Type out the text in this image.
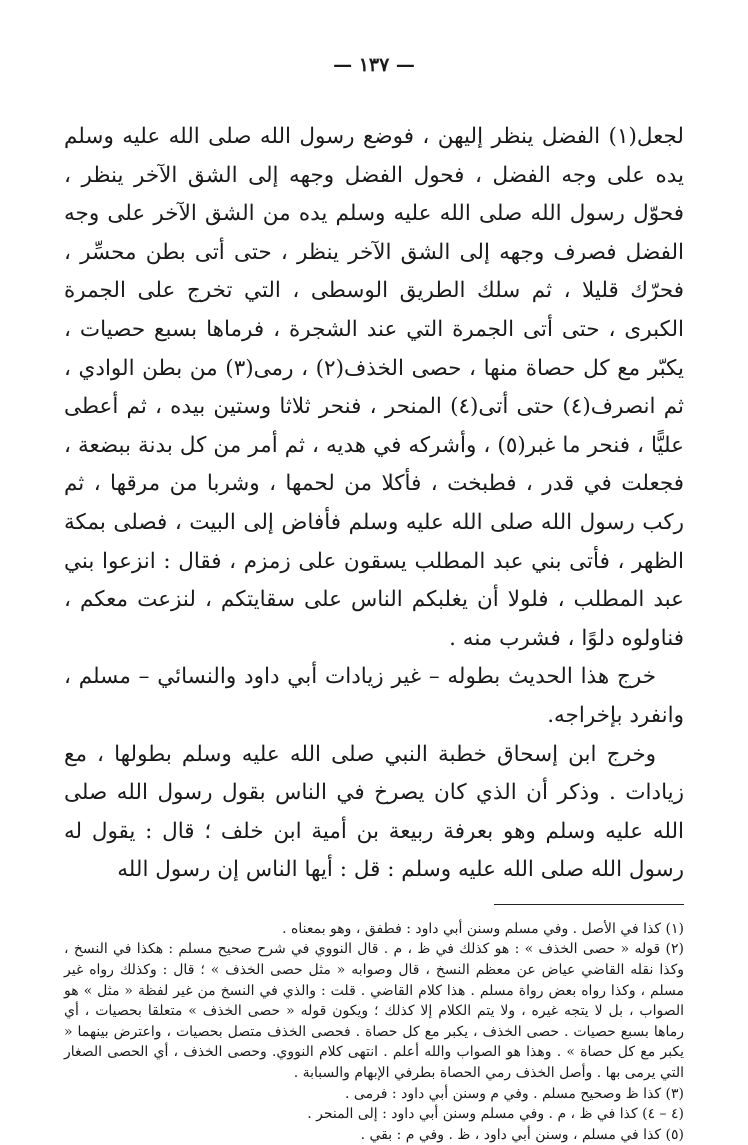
— ١٣٧ —

لجعل(١) الفضل ينظر إليهن ، فوضع رسول الله صلى الله عليه وسلم يده على وجه الفضل ، فحول الفضل وجهه إلى الشق الآخر ينظر ، فحوّل رسول الله صلى الله عليه وسلم يده من الشق الآخر على وجه الفضل فصرف وجهه إلى الشق الآخر ينظر ، حتى أتى بطن محسِّر ، فحرّك قليلا ، ثم سلك الطريق الوسطى ، التي تخرج على الجمرة الكبرى ، حتى أتى الجمرة التي عند الشجرة ، فرماها بسبع حصيات ، يكبّر مع كل حصاة منها ، حصى الخذف(٢) ، رمى(٣) من بطن الوادي ، ثم انصرف(٤) حتى أتى(٤) المنحر ، فنحر ثلاثا وستين بيده ، ثم أعطى عليًّا ، فنحر ما غبر(٥) ، وأشركه في هديه ، ثم أمر من كل بدنة ببضعة ، فجعلت في قدر ، فطبخت ، فأكلا من لحمها ، وشربا من مرقها ، ثم ركب رسول الله صلى الله عليه وسلم فأفاض إلى البيت ، فصلى بمكة الظهر ، فأتى بني عبد المطلب يسقون على زمزم ، فقال : انزعوا بني عبد المطلب ، فلولا أن يغلبكم الناس على سقايتكم ، لنزعت معكم ، فناولوه دلوًا ، فشرب منه .

خرج هذا الحديث بطوله – غير زيادات أبي داود والنسائي – مسلم ، وانفرد بإخراجه.

وخرج ابن إسحاق خطبة النبي صلى الله عليه وسلم بطولها ، مع زيادات . وذكر أن الذي كان يصرخ في الناس بقول رسول الله صلى الله عليه وسلم وهو بعرفة ربيعة بن أمية ابن خلف ؛ قال : يقول له رسول الله صلى الله عليه وسلم : قل : أيها الناس إن رسول الله

(١) كذا في الأصل . وفي مسلم وسنن أبي داود : فطفق ، وهو بمعناه .

(٢) قوله « حصى الخذف » : هو كذلك في ظ ، م . قال النووي في شرح صحيح مسلم : هكذا في النسخ ، وكذا نقله القاضي عياض عن معظم النسخ ، قال وصوابه « مثل حصى الخذف » ؛ قال : وكذلك رواه غير مسلم ، وكذا رواه بعض رواة مسلم . هذا كلام القاضي . قلت : والذي في النسخ من غير لفظة « مثل » هو الصواب ، بل لا يتجه غيره ، ولا يتم الكلام إلا كذلك ؛ ويكون قوله « حصى الخذف » متعلقا بحصيات ، أي رماها بسبع حصيات . حصى الخذف ، يكبر مع كل حصاة . فحصى الخذف متصل بحصيات ، واعترض بينهما « يكبر مع كل حصاة » . وهذا هو الصواب والله أعلم . انتهى كلام النووي. وحصى الخذف ، أي الحصى الصغار التي يرمى بها . وأصل الخذف رمي الحصاة بطرفي الإبهام والسبابة .

(٣) كذا ظ وصحيح مسلم . وفي م وسنن أبي داود : فرمى .

(٤ – ٤) كذا في ظ ، م . وفي مسلم وسنن أبي داود : إلى المنحر .

(٥) كذا في مسلم ، وسنن أبي داود ، ظ . وفي م : بقي .
